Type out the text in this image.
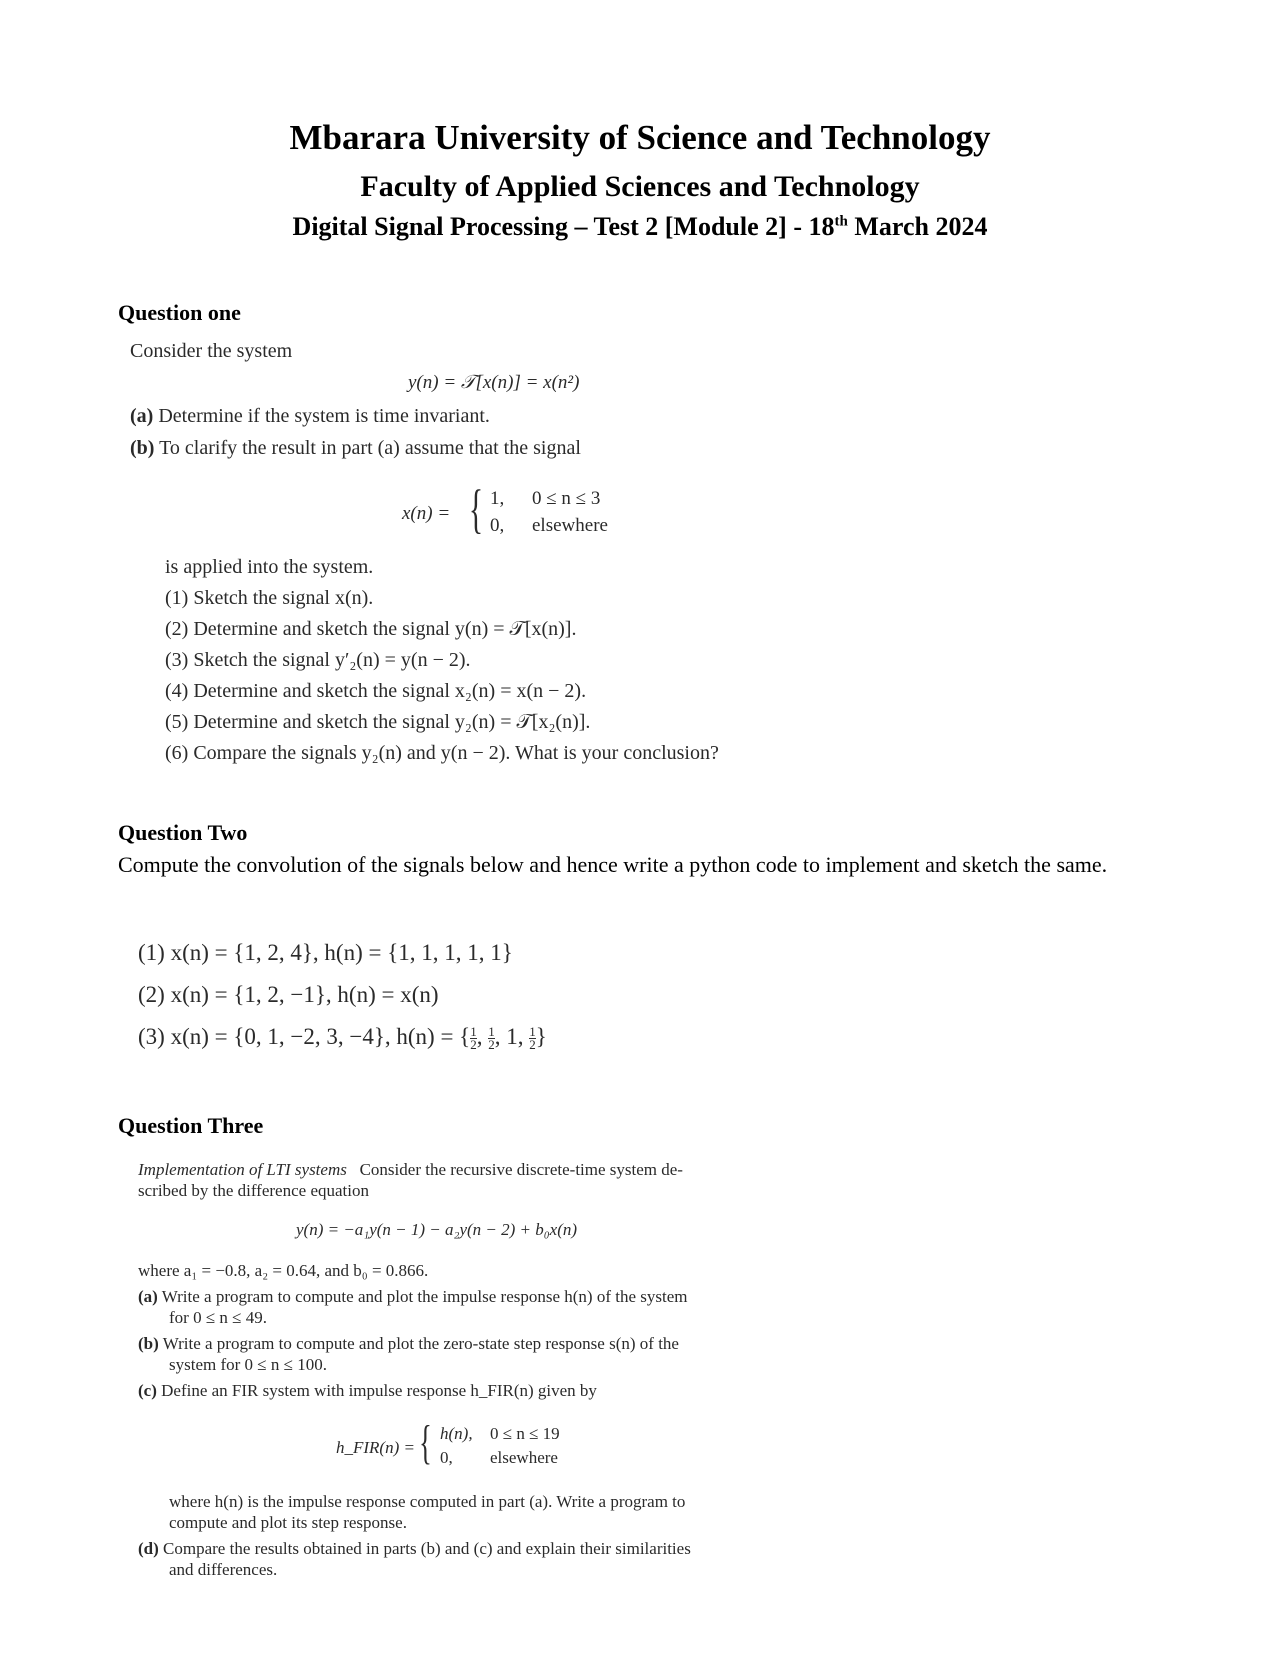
Mbarara University of Science and Technology
Faculty of Applied Sciences and Technology
Digital Signal Processing – Test 2 [Module 2] - 18th March 2024
Question one
Consider the system
y(n) = 𝒯[x(n)] = x(n²)
(a) Determine if the system is time invariant.
(b) To clarify the result in part (a) assume that the signal
x(n) = { 1, 0 ≤ n ≤ 3
0, elsewhere
is applied into the system.
(1) Sketch the signal x(n).
(2) Determine and sketch the signal y(n) = 𝒯[x(n)].
(3) Sketch the signal y′₂(n) = y(n − 2).
(4) Determine and sketch the signal x₂(n) = x(n − 2).
(5) Determine and sketch the signal y₂(n) = 𝒯[x₂(n)].
(6) Compare the signals y₂(n) and y(n − 2). What is your conclusion?
Question Two
Compute the convolution of the signals below and hence write a python code to implement and sketch the same.
(1) x(n) = {1, 2, 4}, h(n) = {1, 1, 1, 1, 1}
(2) x(n) = {1, 2, −1}, h(n) = x(n)
(3) x(n) = {0, 1, −2, 3, −4}, h(n) = { $\frac{1}{2}$ , $\frac{1}{2}$ , 1, $\frac{1}{2}$ }
Question Three
Implementation of LTI systems Consider the recursive discrete-time system de-
scribed by the difference equation
y(n) = −a₁y(n − 1) − a₂y(n − 2) + b₀x(n)
where a₁ = −0.8, a₂ = 0.64, and b₀ = 0.866.
(a) Write a program to compute and plot the impulse response h(n) of the system
for 0 ≤ n ≤ 49.
(b) Write a program to compute and plot the zero-state step response s(n) of the
system for 0 ≤ n ≤ 100.
(c) Define an FIR system with impulse response h_FIR(n) given by
h_FIR(n) = { h(n), 0 ≤ n ≤ 19
0, elsewhere
where h(n) is the impulse response computed in part (a). Write a program to
compute and plot its step response.
(d) Compare the results obtained in parts (b) and (c) and explain their similarities
and differences.
